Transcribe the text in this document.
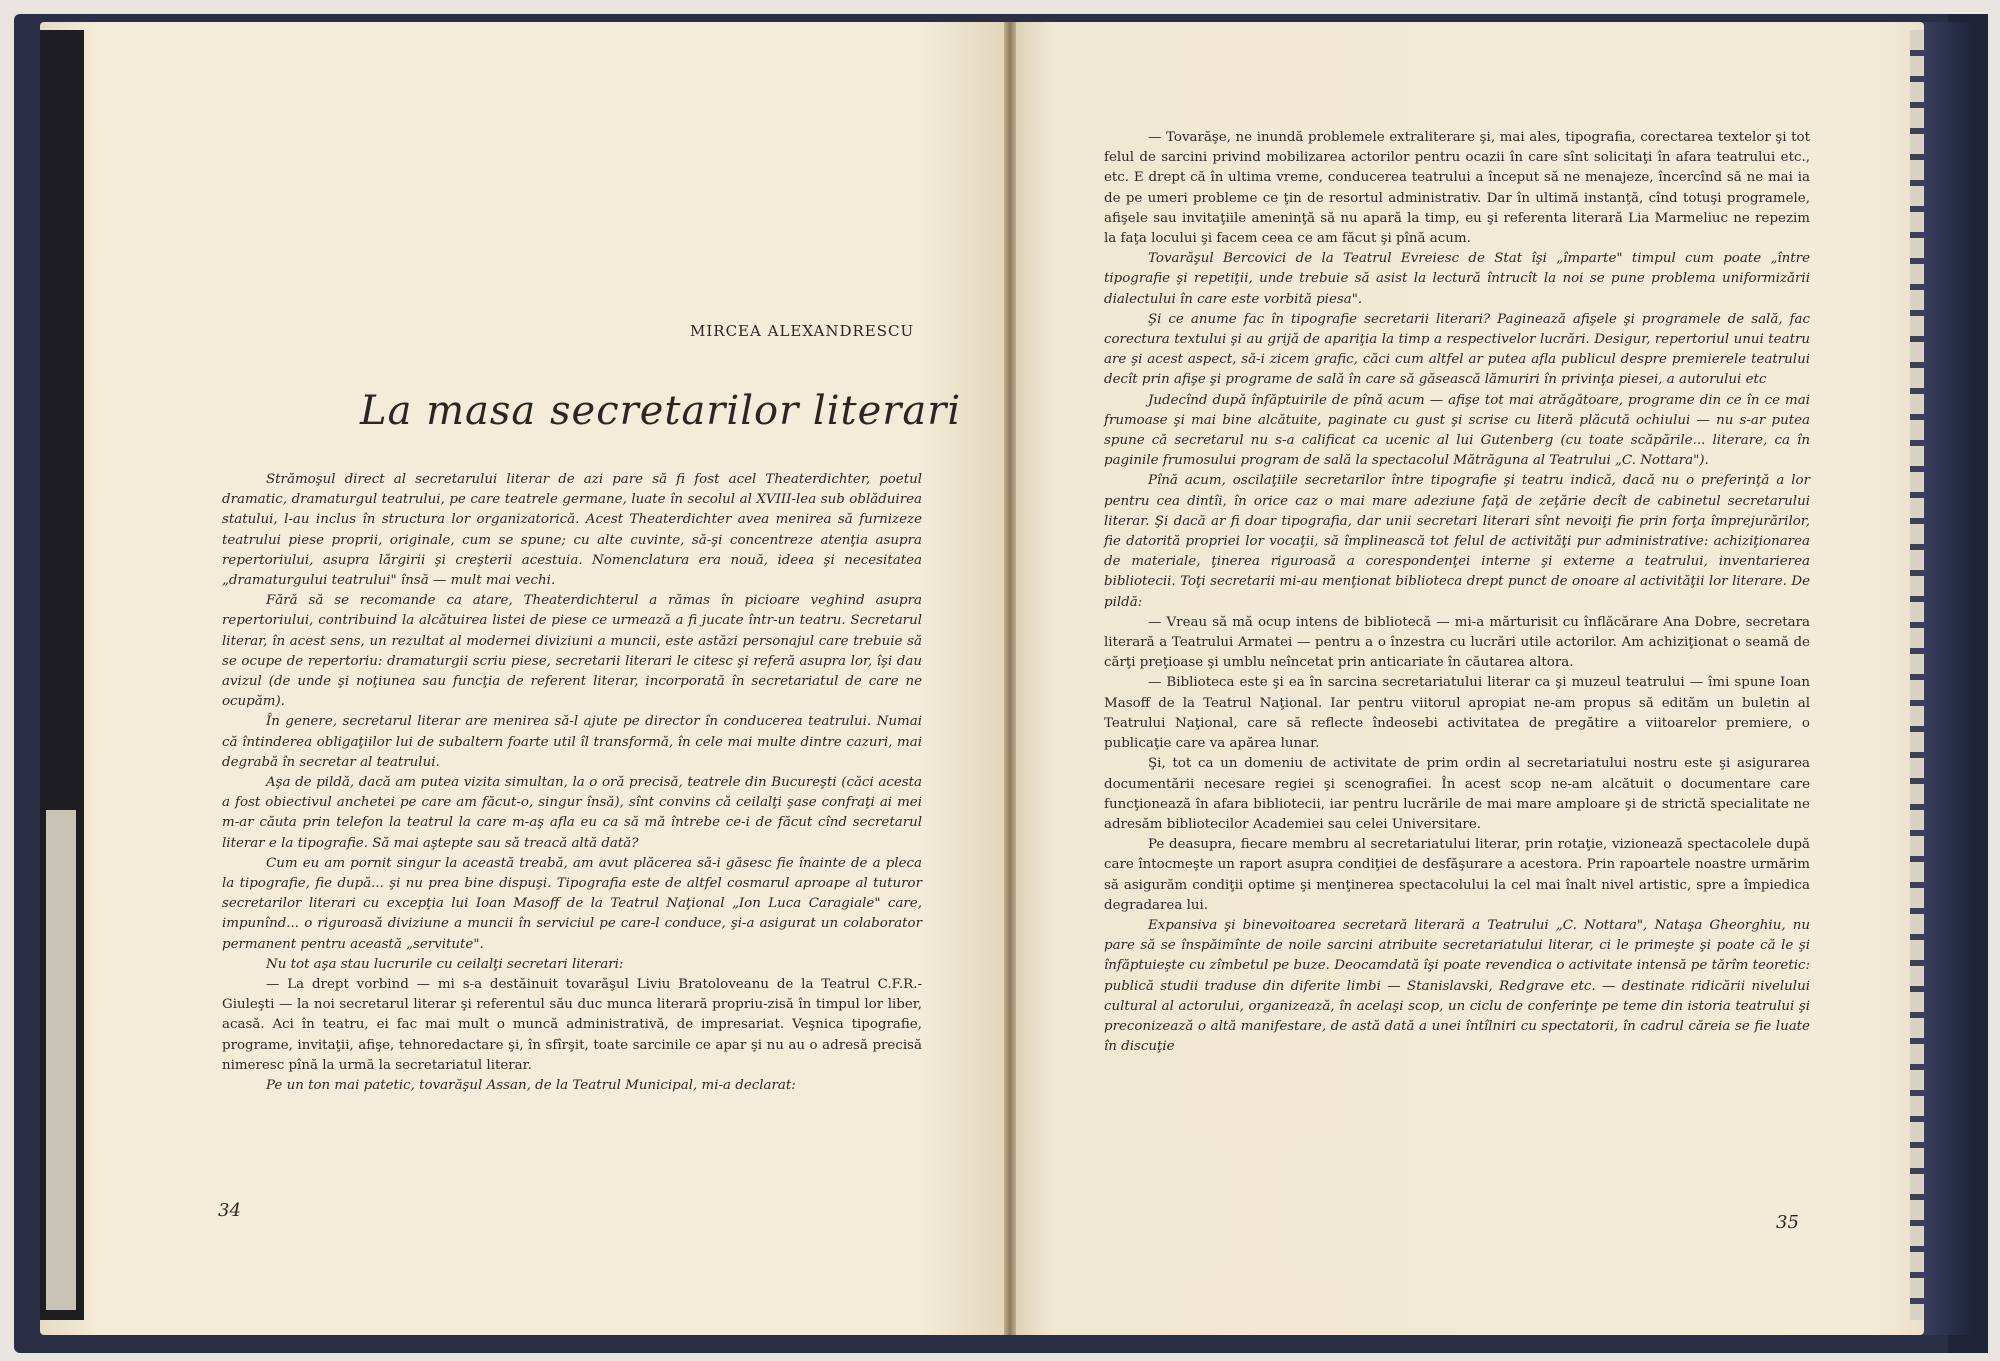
MIRCEA ALEXANDRESCU
La masa secretarilor literari

Strămoşul direct al secretarului literar de azi pare să fi fost acel Theaterdichter, poetul dramatic, dramaturgul teatrului, pe care teatrele germane, luate în secolul al XVIII-lea sub oblăduirea statului, l-au inclus în structura lor organizatorică. Acest Theaterdichter avea menirea să furnizeze teatrului piese proprii, originale, cum se spune; cu alte cuvinte, să-şi concentreze atenţia asupra repertoriului, asupra lărgirii şi creşterii acestuia. Nomenclatura era nouă, ideea şi necesitatea „dramaturgului teatrului" însă — mult mai vechi.

Fără să se recomande ca atare, Theaterdichterul a rămas în picioare veghind asupra repertoriului, contribuind la alcătuirea listei de piese ce urmează a fi jucate într-un teatru. Secretarul literar, în acest sens, un rezultat al modernei diviziuni a muncii, este astăzi personajul care trebuie să se ocupe de repertoriu: dramaturgii scriu piese, secretarii literari le citesc şi referă asupra lor, îşi dau avizul (de unde şi noţiunea sau funcţia de referent literar, incorporată în secretariatul de care ne ocupăm).

În genere, secretarul literar are menirea să-l ajute pe director în conducerea teatrului. Numai că întinderea obligaţiilor lui de subaltern foarte util îl transformă, în cele mai multe dintre cazuri, mai degrabă în secretar al teatrului.

Aşa de pildă, dacă am putea vizita simultan, la o oră precisă, teatrele din Bucureşti (căci acesta a fost obiectivul anchetei pe care am făcut-o, singur însă), sînt convins că ceilalţi şase confraţi ai mei m-ar căuta prin telefon la teatrul la care m-aş afla eu ca să mă întrebe ce-i de făcut cînd secretarul literar e la tipografie. Să mai aştepte sau să treacă altă dată?

Cum eu am pornit singur la această treabă, am avut plăcerea să-i găsesc fie înainte de a pleca la tipografie, fie după... şi nu prea bine dispuşi. Tipografia este de altfel cosmarul aproape al tuturor secretarilor literari cu excepţia lui Ioan Masoff de la Teatrul Naţional „Ion Luca Caragiale" care, impunînd... o riguroasă diviziune a muncii în serviciul pe care-l conduce, şi-a asigurat un colaborator permanent pentru această „servitute".

Nu tot aşa stau lucrurile cu ceilalţi secretari literari:

— La drept vorbind — mi s-a destăinuit tovarăşul Liviu Bratoloveanu de la Teatrul C.F.R.-Giuleşti — la noi secretarul literar şi referentul său duc munca literară propriu-zisă în timpul lor liber, acasă. Aci în teatru, ei fac mai mult o muncă administrativă, de impresariat. Veşnica tipografie, programe, invitaţii, afişe, tehnoredactare şi, în sfîrşit, toate sarcinile ce apar şi nu au o adresă precisă nimeresc pînă la urmă la secretariatul literar.

Pe un ton mai patetic, tovarăşul Assan, de la Teatrul Municipal, mi-a declarat:

34

— Tovarăşe, ne inundă problemele extraliterare şi, mai ales, tipografia, corectarea textelor şi tot felul de sarcini privind mobilizarea actorilor pentru ocazii în care sînt solicitaţi în afara teatrului etc., etc. E drept că în ultima vreme, conducerea teatrului a început să ne menajeze, încercînd să ne mai ia de pe umeri probleme ce ţin de resortul administrativ. Dar în ultimă instanţă, cînd totuşi programele, afişele sau invitaţiile ameninţă să nu apară la timp, eu şi referenta literară Lia Marmeliuc ne repezim la faţa locului şi facem ceea ce am făcut şi pînă acum.

Tovarăşul Bercovici de la Teatrul Evreiesc de Stat îşi „împarte" timpul cum poate „între tipografie şi repetiţii, unde trebuie să asist la lectură întrucît la noi se pune problema uniformizării dialectului în care este vorbită piesa".

Şi ce anume fac în tipografie secretarii literari? Paginează afişele şi programele de sală, fac corectura textului şi au grijă de apariţia la timp a respectivelor lucrări. Desigur, repertoriul unui teatru are şi acest aspect, să-i zicem grafic, căci cum altfel ar putea afla publicul despre premierele teatrului decît prin afişe şi programe de sală în care să găsească lămuriri în privinţa piesei, a autorului etc

Judecînd după înfăptuirile de pînă acum — afişe tot mai atrăgătoare, programe din ce în ce mai frumoase şi mai bine alcătuite, paginate cu gust şi scrise cu literă plăcută ochiului — nu s-ar putea spune că secretarul nu s-a calificat ca ucenic al lui Gutenberg (cu toate scăpările... literare, ca în paginile frumosului program de sală la spectacolul Mătrăguna al Teatrului „C. Nottara").

Pînă acum, oscilaţiile secretarilor între tipografie şi teatru indică, dacă nu o preferinţă a lor pentru cea dintîi, în orice caz o mai mare adeziune faţă de zeţărie decît de cabinetul secretarului literar. Şi dacă ar fi doar tipografia, dar unii secretari literari sînt nevoiţi fie prin forţa împrejurărilor, fie datorită propriei lor vocaţii, să împlinească tot felul de activităţi pur administrative: achiziţionarea de materiale, ţinerea riguroasă a corespondenţei interne şi externe a teatrului, inventarierea bibliotecii. Toţi secretarii mi-au menţionat biblioteca drept punct de onoare al activităţii lor literare. De pildă:

— Vreau să mă ocup intens de bibliotecă — mi-a mărturisit cu înflăcărare Ana Dobre, secretara literară a Teatrului Armatei — pentru a o înzestra cu lucrări utile actorilor. Am achiziţionat o seamă de cărţi preţioase şi umblu neîncetat prin anticariate în căutarea altora.

— Biblioteca este şi ea în sarcina secretariatului literar ca şi muzeul teatrului — îmi spune Ioan Masoff de la Teatrul Naţional. Iar pentru viitorul apropiat ne-am propus să edităm un buletin al Teatrului Naţional, care să reflecte îndeosebi activitatea de pregătire a viitoarelor premiere, o publicaţie care va apărea lunar.

Şi, tot ca un domeniu de activitate de prim ordin al secretariatului nostru este şi asigurarea documentării necesare regiei şi scenografiei. În acest scop ne-am alcătuit o documentare care funcţionează în afara bibliotecii, iar pentru lucrările de mai mare amploare şi de strictă specialitate ne adresăm bibliotecilor Academiei sau celei Universitare.

Pe deasupra, fiecare membru al secretariatului literar, prin rotaţie, vizionează spectacolele după care întocmeşte un raport asupra condiţiei de desfăşurare a acestora. Prin rapoartele noastre urmărim să asigurăm condiţii optime şi menţinerea spectacolului la cel mai înalt nivel artistic, spre a împiedica degradarea lui.

Expansiva şi binevoitoarea secretară literară a Teatrului „C. Nottara", Nataşa Gheorghiu, nu pare să se înspăimînte de noile sarcini atribuite secretariatului literar, ci le primeşte şi poate că le şi înfăptuieşte cu zîmbetul pe buze. Deocamdată îşi poate revendica o activitate intensă pe tărîm teoretic: publică studii traduse din diferite limbi — Stanislavski, Redgrave etc. — destinate ridicării nivelului cultural al actorului, organizează, în acelaşi scop, un ciclu de conferinţe pe teme din istoria teatrului şi preconizează o altă manifestare, de astă dată a unei întîlniri cu spectatorii, în cadrul căreia se fie luate în discuţie

35
